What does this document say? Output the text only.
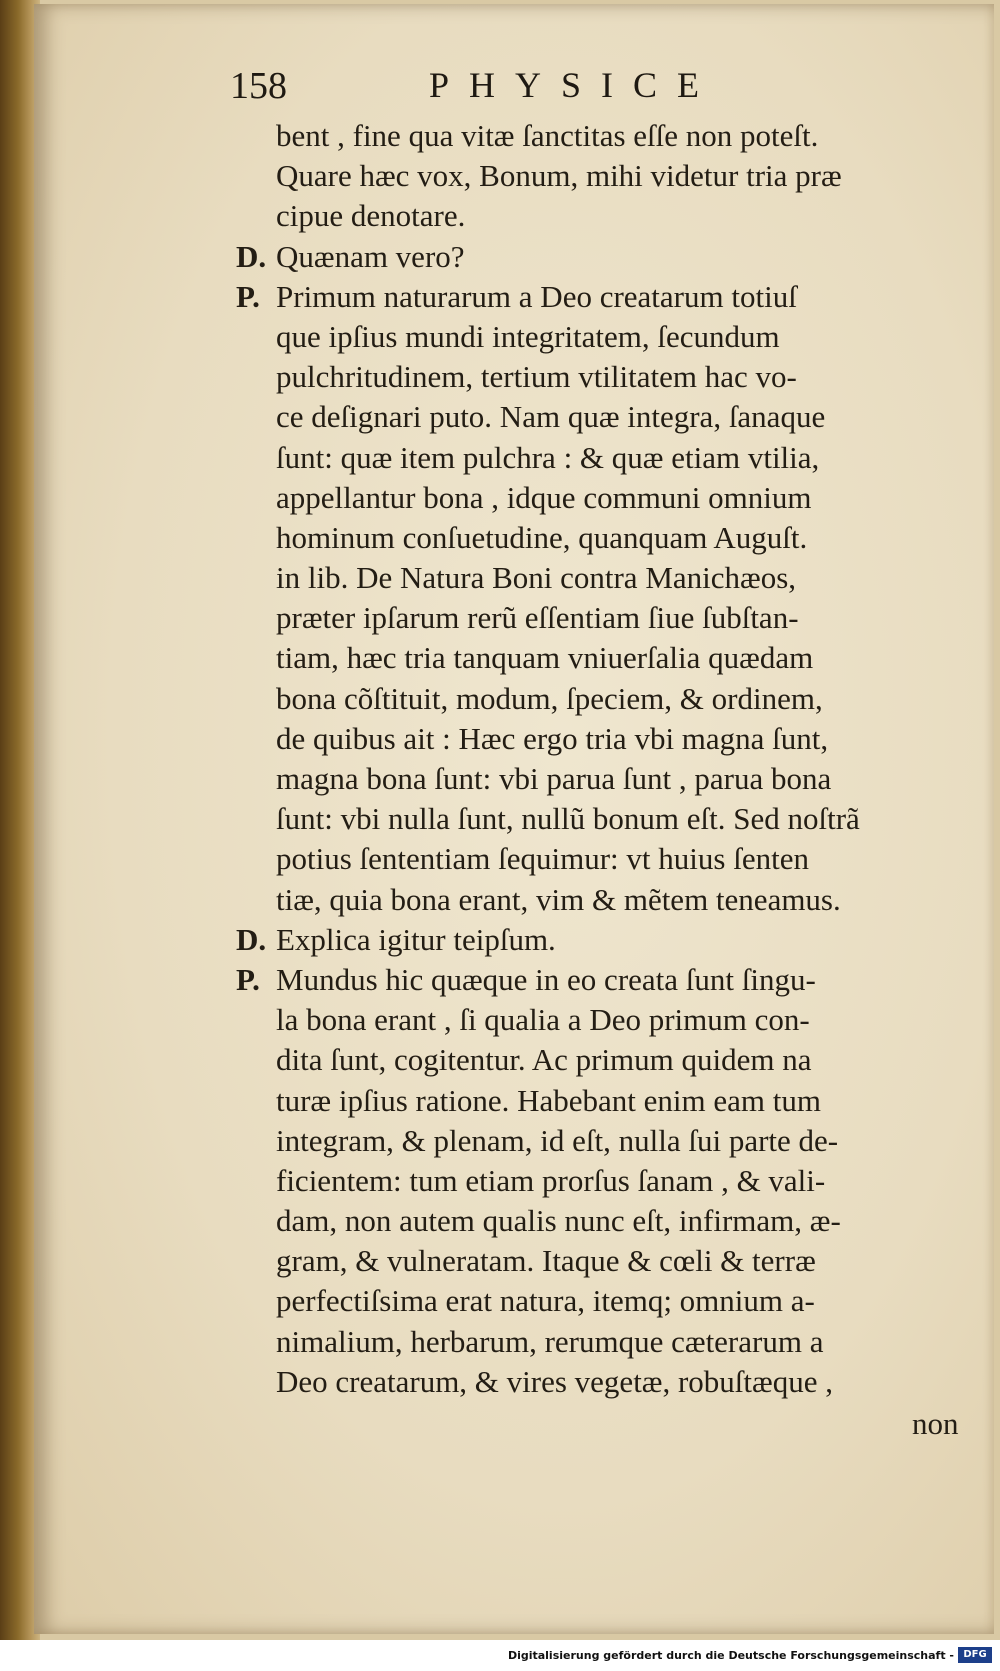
158	PHYSICE
bent , fine qua vitæ ſanctitas eſſe non poteſt.
Quare hæc vox, Bonum, mihi videtur tria præ
cipue denotare.
D. Quænam vero?
P. Primum naturarum a Deo creatarum totiuſ
que ipſius mundi integritatem, ſecundum
pulchritudinem, tertium vtilitatem hac vo-
ce deſignari puto. Nam quæ integra, ſanaque
ſunt: quæ item pulchra : & quæ etiam vtilia,
appellantur bona , idque communi omnium
hominum conſuetudine, quanquam Auguſt.
in lib. De Natura Boni contra Manichæos,
præter ipſarum rerũ eſſentiam ſiue ſubſtan-
tiam, hæc tria tanquam vniuerſalia quædam
bona cõſtituit, modum, ſpeciem, & ordinem,
de quibus ait : Hæc ergo tria vbi magna ſunt,
magna bona ſunt: vbi parua ſunt , parua bona
ſunt: vbi nulla ſunt, nullũ bonum eſt. Sed noſtrã
potius ſententiam ſequimur: vt huius ſenten
tiæ, quia bona erant, vim & mẽtem teneamus.
D. Explica igitur teipſum.
P. Mundus hic quæque in eo creata ſunt ſingu-
la bona erant , ſi qualia a Deo primum con-
dita ſunt, cogitentur. Ac primum quidem na
turæ ipſius ratione. Habebant enim eam tum
integram, & plenam, id eſt, nulla ſui parte de-
ficientem: tum etiam prorſus ſanam , & vali-
dam, non autem qualis nunc eſt, infirmam, æ-
gram, & vulneratam. Itaque & cœli & terræ
perfectiſsima erat natura, itemq; omnium a-
nimalium, herbarum, rerumque cæterarum a
Deo creatarum, & vires vegetæ, robuſtæque ,
non
Digitalisierung gefördert durch die Deutsche Forschungsgemeinschaft - DFG
